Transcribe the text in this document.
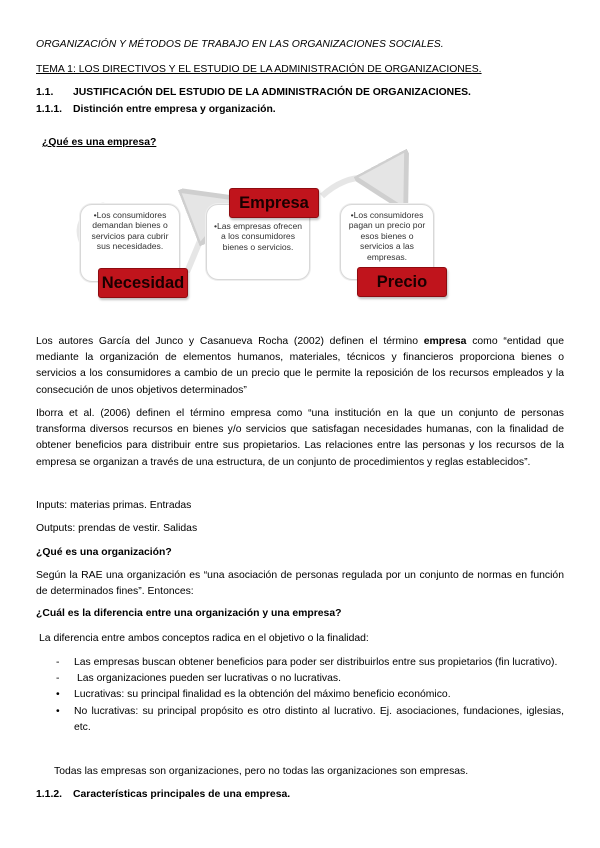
ORGANIZACIÓN Y MÉTODOS DE TRABAJO EN LAS ORGANIZACIONES SOCIALES.
TEMA 1: LOS DIRECTIVOS Y EL ESTUDIO DE LA ADMINISTRACIÓN DE ORGANIZACIONES.
1.1. JUSTIFICACIÓN DEL ESTUDIO DE LA ADMINISTRACIÓN DE ORGANIZACIONES.
1.1.1. Distinción entre empresa y organización.
¿Qué es una empresa?
•Los consumidores demandan bienes o servicios para cubrir sus necesidades.
•Las empresas ofrecen a los consumidores bienes o servicios.
•Los consumidores pagan un precio por esos bienes o servicios a las empresas.
Empresa
Necesidad	Precio

Los autores García del Junco y Casanueva Rocha (2002) definen el término empresa como “entidad que mediante la organización de elementos humanos, materiales, técnicos y financieros proporciona bienes o servicios a los consumidores a cambio de un precio que le permite la reposición de los recursos empleados y la consecución de unos objetivos determinados”

Iborra et al. (2006) definen el término empresa como “una institución en la que un conjunto de personas transforma diversos recursos en bienes y/o servicios que satisfagan necesidades humanas, con la finalidad de obtener beneficios para distribuir entre sus propietarios. Las relaciones entre las personas y los recursos de la empresa se organizan a través de una estructura, de un conjunto de procedimientos y reglas establecidos”.

Inputs: materias primas. Entradas
Outputs: prendas de vestir. Salidas
¿Qué es una organización?

Según la RAE una organización es “una asociación de personas regulada por un conjunto de normas en función de determinados fines”. Entonces:

¿Cuál es la diferencia entre una organización y una empresa?
La diferencia entre ambos conceptos radica en el objetivo o la finalidad:
- Las empresas buscan obtener beneficios para poder ser distribuirlos entre sus propietarios (fin lucrativo).
- Las organizaciones pueden ser lucrativas o no lucrativas.
• Lucrativas: su principal finalidad es la obtención del máximo beneficio económico.
• No lucrativas: su principal propósito es otro distinto al lucrativo. Ej. asociaciones, fundaciones, iglesias, etc.
Todas las empresas son organizaciones, pero no todas las organizaciones son empresas.
1.1.2. Características principales de una empresa.
